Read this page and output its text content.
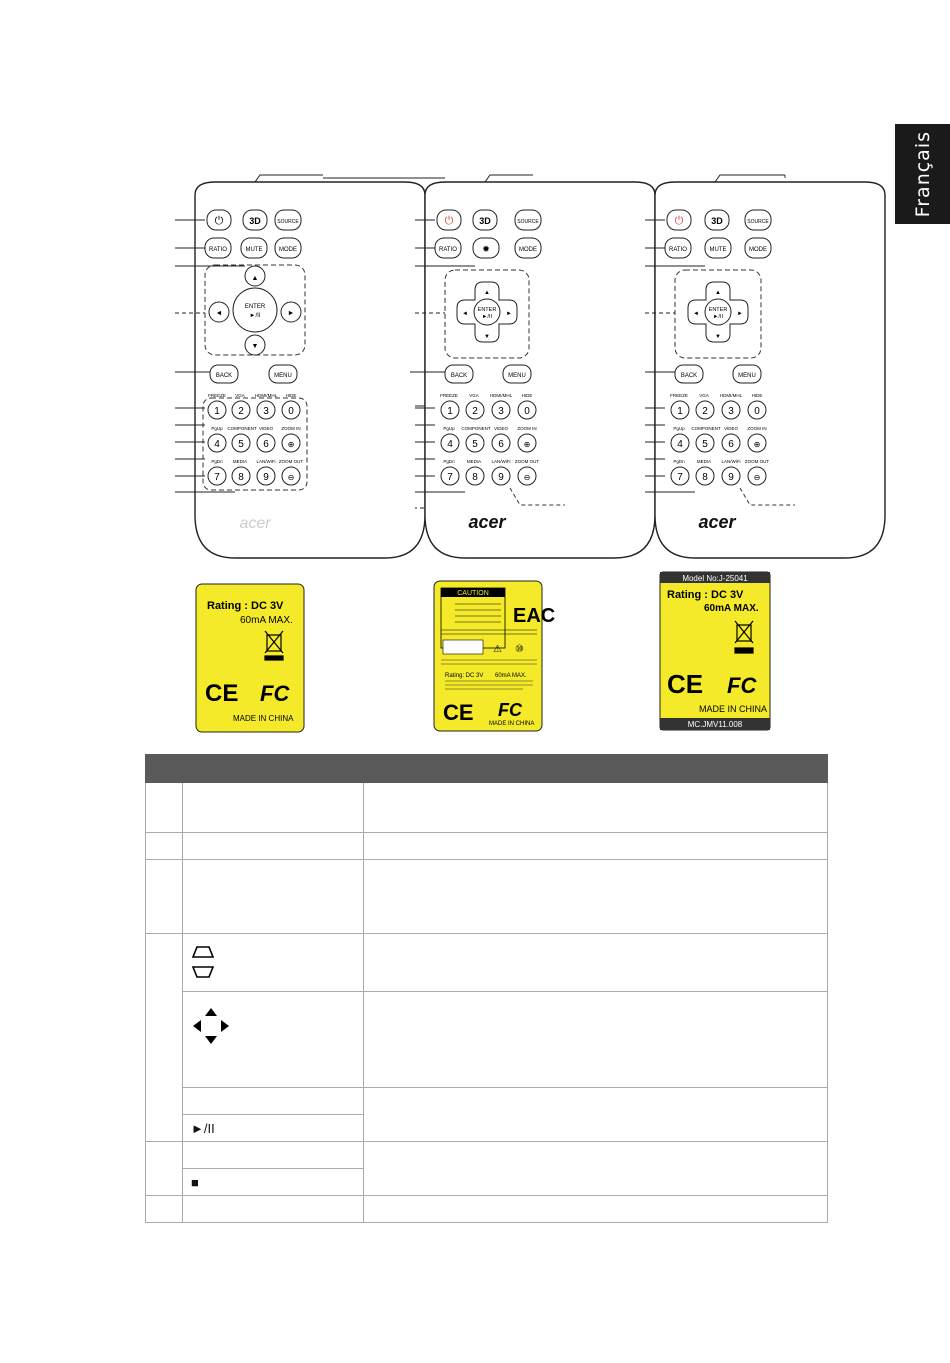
Français
⏻	3D	SOURCE
RATIO	MUTE	MODE
ENTER
►/II
▲
▼
◄	►
BACK	MENU
FREEZE VGA HDMI/MHL HIDE
PgUp COMPONENT VIDEO ZOOM IN
PgDn MEDIA LAN/WiFi ZOOM OUT
1 2 3 0
4 5 6
7 8 9
⊕
⊖
acer
⏻	3D	SOURCE
RATIO	✹	MODE
ENTER
►/II
▲
▼
◄	►
BACK	MENU
FREEZE	VGA HDMI/MHL HIDE
PgUp COMPONENT VIDEO ZOOM IN
PgDn	MEDIA LAN/WiFi ZOOM OUT
1 2 3 0
4 5 6
7 8 9
⊕
⊖
acer
⏻	3D	SOURCE
RATIO	MUTE	MODE
ENTER
►/II
▲
▼
◄	►
BACK	MENU
FREEZE	VGA HDMI/MHL HIDE
PgUp COMPONENT VIDEO ZOOM IN
PgDn	MEDIA LAN/WiFi ZOOM OUT
1 2 3 0
4 5 6
7 8 9
⊕
⊖
acer
Rating : DC 3V
60mA MAX.
CE FC
MADE IN CHINA
CAUTION
EAC
⚠ ⑩
Rating: DC 3V 60mA MAX.
CE FC
MADE IN CHINA
Model No:J-25041
Rating : DC 3V
60mA MAX.
CE FC
MADE IN CHINA
MC.JMV11.008

	►/II	

	■	
